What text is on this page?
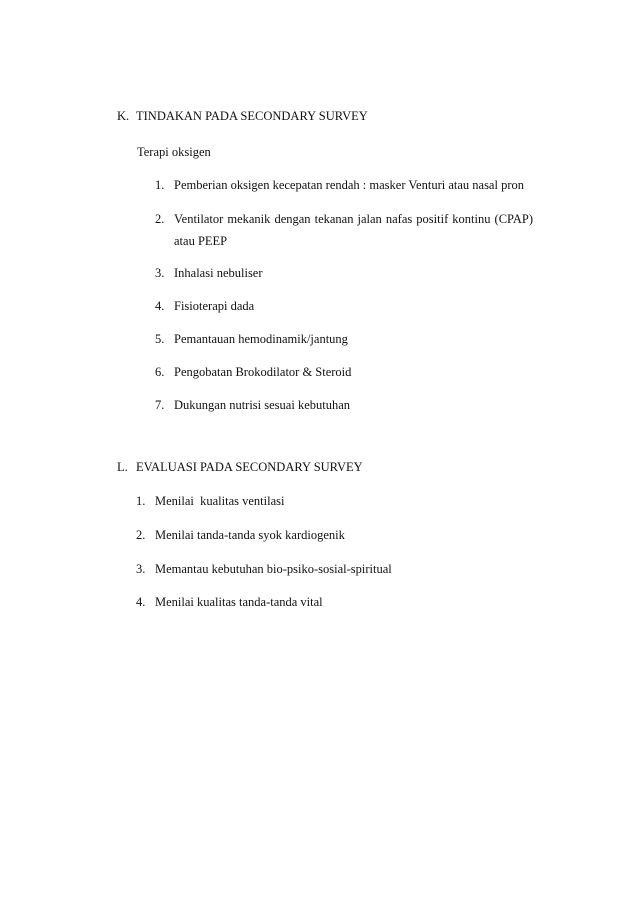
K. TINDAKAN PADA SECONDARY SURVEY
Terapi oksigen
1. Pemberian oksigen kecepatan rendah : masker Venturi atau nasal pron
2. Ventilator mekanik dengan tekanan jalan nafas positif kontinu (CPAP)
atau PEEP
3. Inhalasi nebuliser
4. Fisioterapi dada
5. Pemantauan hemodinamik/jantung
6. Pengobatan Brokodilator & Steroid
7. Dukungan nutrisi sesuai kebutuhan
L. EVALUASI PADA SECONDARY SURVEY
1. Menilai  kualitas ventilasi
2. Menilai tanda-tanda syok kardiogenik
3. Memantau kebutuhan bio-psiko-sosial-spiritual
4. Menilai kualitas tanda-tanda vital
